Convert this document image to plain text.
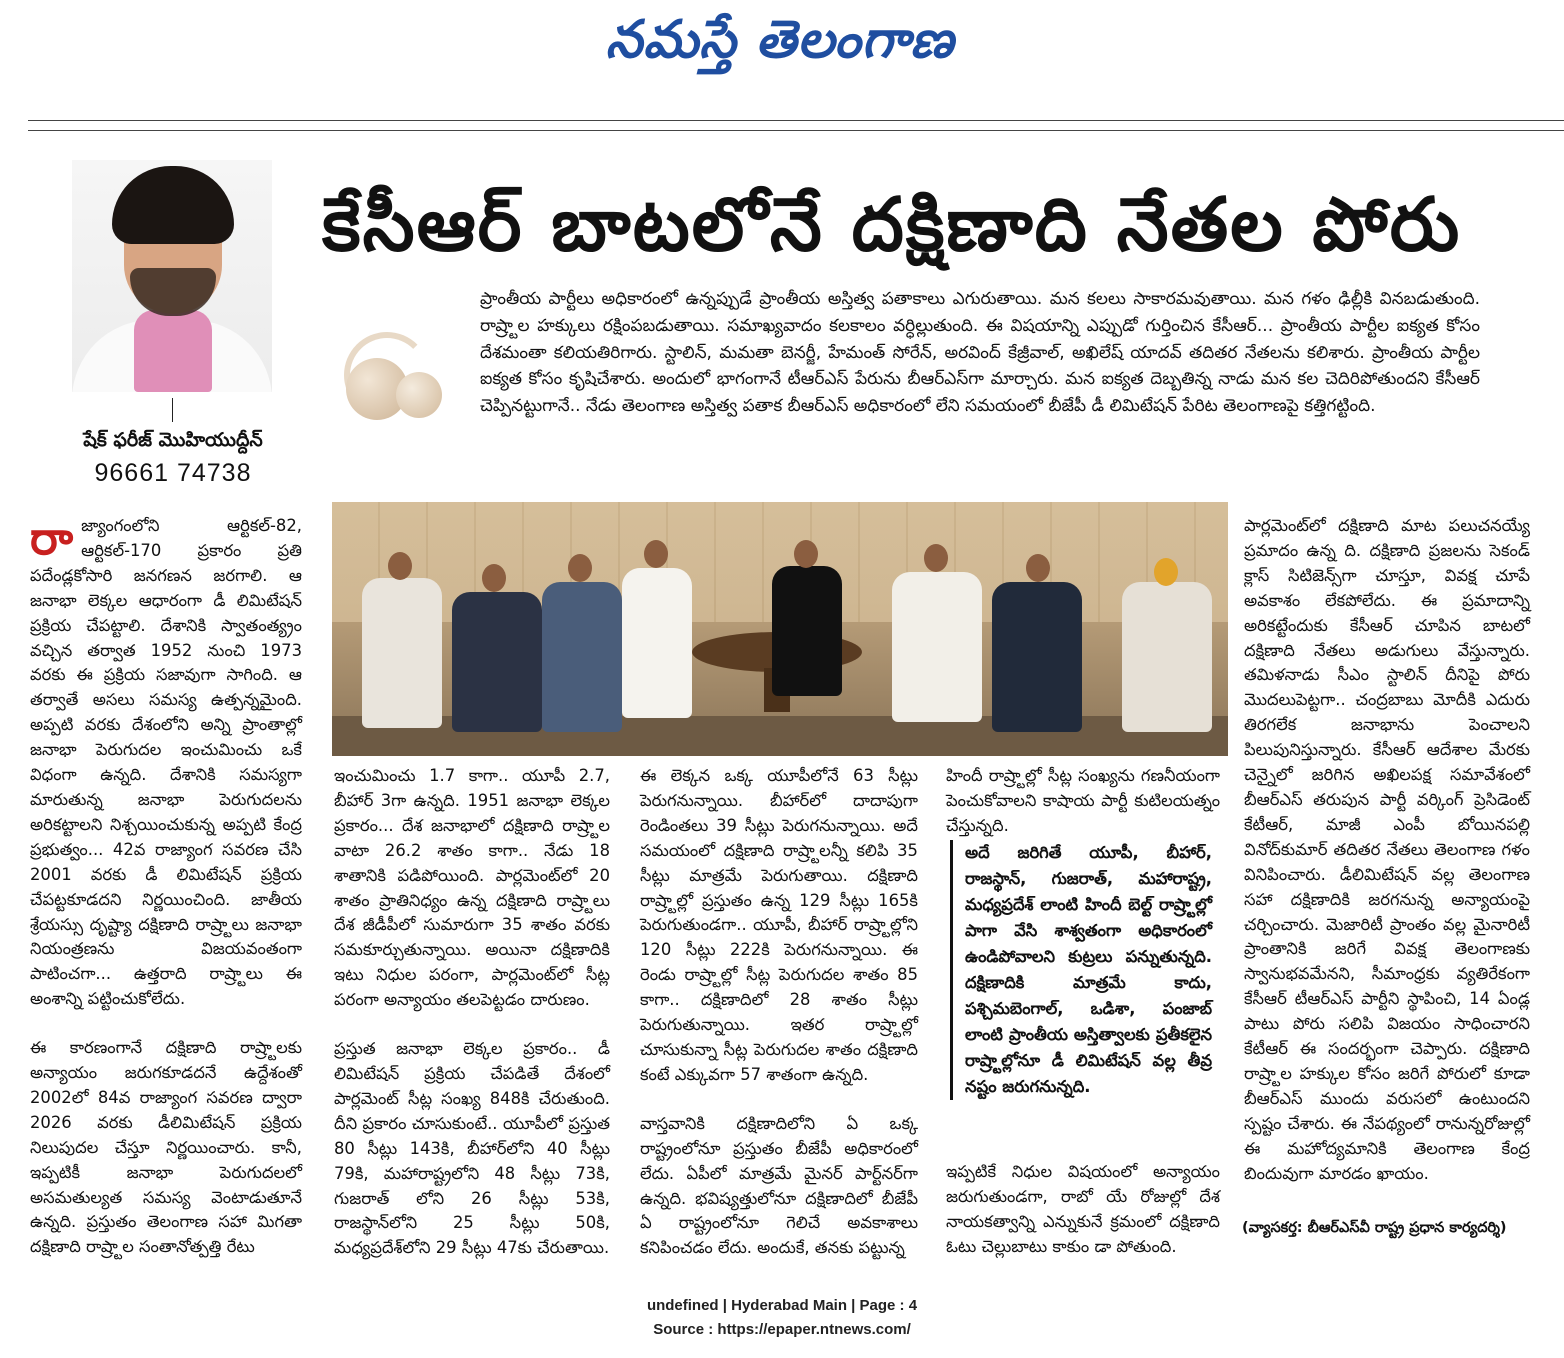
నమస్తే తెలంగాణ
కేసీఆర్ బాటలోనే దక్షిణాది నేతల పోరు
షేక్ ఫరీజ్ మొహియుద్దీన్
96661 74738
ప్రాంతీయ పార్టీలు అధికారంలో ఉన్నప్పుడే ప్రాంతీయ అస్తిత్వ పతాకాలు ఎగురుతాయి. మన కలలు సాకారమవుతాయి. మన గళం ఢిల్లీకి వినబడుతుంది. రాష్ర్టాల హక్కులు రక్షింపబడుతాయి. సమాఖ్యవాదం కలకాలం వర్ధిల్లుతుంది. ఈ విషయాన్ని ఎప్పుడో గుర్తించిన కేసీఆర్... ప్రాంతీయ పార్టీల ఐక్యత కోసం దేశమంతా కలియతిరిగారు. స్టాలిన్, మమతా బెనర్జీ, హేమంత్ సోరేన్, అరవింద్ కేజ్రీవాల్, అఖిలేష్ యాదవ్ తదితర నేతలను కలిశారు. ప్రాంతీయ పార్టీల ఐక్యత కోసం కృషిచేశారు. అందులో భాగంగానే టీఆర్ఎస్ పేరును బీఆర్ఎస్‌గా మార్చారు. మన ఐక్యత దెబ్బతిన్న నాడు మన కల చెదిరిపోతుందని కేసీఆర్ చెప్పినట్టుగానే.. నేడు తెలంగాణ అస్తిత్వ పతాక బీఆర్ఎస్ అధికారంలో లేని సమయంలో బీజేపీ డీ లిమిటేషన్ పేరిట తెలంగాణపై కత్తిగట్టింది.

రాజ్యాంగంలోని ఆర్టికల్-82, ఆర్టికల్-170 ప్రకారం ప్రతి పదేండ్లకోసారి జనగణన జరగాలి. ఆ జనాభా లెక్కల ఆధారంగా డీ లిమిటేషన్ ప్రక్రియ చేపట్టాలి. దేశానికి స్వాతంత్య్రం వచ్చిన తర్వాత 1952 నుంచి 1973 వరకు ఈ ప్రక్రియ సజావుగా సాగింది. ఆ తర్వాతే అసలు సమస్య ఉత్పన్నమైంది. అప్పటి వరకు దేశంలోని అన్ని ప్రాంతాల్లో జనాభా పెరుగుదల ఇంచుమించు ఒకే విధంగా ఉన్నది. దేశానికి సమస్యగా మారుతున్న జనాభా పెరుగుదలను అరికట్టాలని నిశ్చయించుకున్న అప్పటి కేంద్ర ప్రభుత్వం... 42వ రాజ్యాంగ సవరణ చేసి 2001 వరకు డీ లిమిటేషన్ ప్రక్రియ చేపట్టకూడదని నిర్ణయించింది. జాతీయ శ్రేయస్సు దృష్ట్యా దక్షిణాది రాష్ర్టాలు జనాభా నియంత్రణను విజయవంతంగా పాటించగా... ఉత్తరాది రాష్ర్టాలు ఈ అంశాన్ని పట్టించుకోలేదు.

ఈ కారణంగానే దక్షిణాది రాష్ర్టాలకు అన్యాయం జరుగకూడదనే ఉద్దేశంతో 2002లో 84వ రాజ్యాంగ సవరణ ద్వారా 2026 వరకు డీలిమిటేషన్ ప్రక్రియ నిలుపుదల చేస్తూ నిర్ణయించారు. కానీ, ఇప్పటికీ జనాభా పెరుగుదలలో అసమతుల్యత సమస్య వెంటాడుతూనే ఉన్నది. ప్రస్తుతం తెలంగాణ సహా మిగతా దక్షిణాది రాష్ర్టాల సంతానోత్పత్తి రేటు

ఇంచుమించు 1.7 కాగా.. యూపీ 2.7, బీహార్ 3గా ఉన్నది. 1951 జనాభా లెక్కల ప్రకారం... దేశ జనాభాలో దక్షిణాది రాష్ర్టాల వాటా 26.2 శాతం కాగా.. నేడు 18 శాతానికి పడిపోయింది. పార్లమెంట్‌లో 20 శాతం ప్రాతినిధ్యం ఉన్న దక్షిణాది రాష్ర్టాలు దేశ జీడీపీలో సుమారుగా 35 శాతం వరకు సమకూర్చుతున్నాయి. అయినా దక్షిణాదికి ఇటు నిధుల పరంగా, పార్లమెంట్‌లో సీట్ల పరంగా అన్యాయం తలపెట్టడం దారుణం.

ప్రస్తుత జనాభా లెక్కల ప్రకారం.. డీ లిమిటేషన్ ప్రక్రియ చేపడితే దేశంలో పార్లమెంట్ సీట్ల సంఖ్య 848కి చేరుతుంది. దీని ప్రకారం చూసుకుంటే.. యూపీలో ప్రస్తుత 80 సీట్లు 143కి, బీహార్‌లోని 40 సీట్లు 79కి, మహారాష్ట్రలోని 48 సీట్లు 73కి, గుజరాత్ లోని 26 సీట్లు 53కి, రాజస్థాన్‌లోని 25 సీట్లు 50కి, మధ్యప్రదేశ్‌లోని 29 సీట్లు 47కు చేరుతాయి.

ఈ లెక్కన ఒక్క యూపీలోనే 63 సీట్లు పెరుగనున్నాయి. బీహార్‌లో దాదాపుగా రెండింతలు 39 సీట్లు పెరుగనున్నాయి. అదే సమయంలో దక్షిణాది రాష్ర్టాలన్నీ కలిపి 35 సీట్లు మాత్రమే పెరుగుతాయి. దక్షిణాది రాష్ర్టాల్లో ప్రస్తుతం ఉన్న 129 సీట్లు 165కి పెరుగుతుండగా.. యూపీ, బీహార్ రాష్ర్టాల్లోని 120 సీట్లు 222కి పెరుగనున్నాయి. ఈ రెండు రాష్ర్టాల్లో సీట్ల పెరుగుదల శాతం 85 కాగా.. దక్షిణాదిలో 28 శాతం సీట్లు పెరుగుతున్నాయి. ఇతర రాష్ర్టాల్లో చూసుకున్నా సీట్ల పెరుగుదల శాతం దక్షిణాది కంటే ఎక్కువగా 57 శాతంగా ఉన్నది.

వాస్తవానికి దక్షిణాదిలోని ఏ ఒక్క రాష్ట్రంలోనూ ప్రస్తుతం బీజేపీ అధికారంలో లేదు. ఏపీలో మాత్రమే మైనర్ పార్ట్‌నర్‌గా ఉన్నది. భవిష్యత్తులోనూ దక్షిణాదిలో బీజేపీ ఏ రాష్ట్రంలోనూ గెలిచే అవకాశాలు కనిపించడం లేదు. అందుకే, తనకు పట్టున్న

హిందీ రాష్ర్టాల్లో సీట్ల సంఖ్యను గణనీయంగా పెంచుకోవాలని కాషాయ పార్టీ కుటిలయత్నం చేస్తున్నది.

అదే జరిగితే యూపీ, బీహార్, రాజస్థాన్, గుజరాత్, మహారాష్ట్ర, మధ్యప్రదేశ్ లాంటి హిందీ బెల్ట్ రాష్ర్టాల్లో పాగా వేసి శాశ్వతంగా అధికారంలో ఉండిపోవాలని కుట్రలు పన్నుతున్నది. దక్షిణాదికి మాత్రమే కాదు, పశ్చిమబెంగాల్, ఒడిశా, పంజాబ్ లాంటి ప్రాంతీయ అస్తిత్వాలకు ప్రతీకలైన రాష్ర్టాల్లోనూ డీ లిమిటేషన్ వల్ల తీవ్ర నష్టం జరుగనున్నది.

ఇప్పటికే నిధుల విషయంలో అన్యాయం జరుగుతుండగా, రాబో యే రోజుల్లో దేశ నాయకత్వాన్ని ఎన్నుకునే క్రమంలో దక్షిణాది ఓటు చెల్లుబాటు కాకుం డా పోతుంది.

పార్లమెంట్‌లో దక్షిణాది మాట పలుచనయ్యే ప్రమాదం ఉన్న ది. దక్షిణాది ప్రజలను సెకండ్ క్లాస్ సిటిజెన్స్‌గా చూస్తూ, వివక్ష చూపే అవకాశం లేకపోలేదు. ఈ ప్రమాదాన్ని అరికట్టేందుకు కేసీఆర్ చూపిన బాటలో దక్షిణాది నేతలు అడుగులు వేస్తున్నారు. తమిళనాడు సీఎం స్టాలిన్ దీనిపై పోరు మొదలుపెట్టగా.. చంద్రబాబు మోదీకి ఎదురు తిరగలేక జనాభాను పెంచాలని పిలుపునిస్తున్నారు. కేసీఆర్ ఆదేశాల మేరకు చెన్నైలో జరిగిన అఖిలపక్ష సమావేశంలో బీఆర్ఎస్ తరుపున పార్టీ వర్కింగ్ ప్రెసిడెంట్ కేటీఆర్, మాజీ ఎంపీ బోయినపల్లి వినోద్‌కుమార్ తదితర నేతలు తెలంగాణ గళం వినిపించారు. డీలిమిటేషన్ వల్ల తెలంగాణ సహా దక్షిణాదికి జరగనున్న అన్యాయంపై చర్చించారు. మెజారిటీ ప్రాంతం వల్ల మైనారిటీ ప్రాంతానికి జరిగే వివక్ష తెలంగాణకు స్వానుభవమేనని, సీమాంధ్రకు వ్యతిరేకంగా కేసీఆర్ టీఆర్ఎస్ పార్టీని స్థాపించి, 14 ఏండ్ల పాటు పోరు సలిపి విజయం సాధించారని కేటీఆర్ ఈ సందర్భంగా చెప్పారు. దక్షిణాది రాష్ర్టాల హక్కుల కోసం జరిగే పోరులో కూడా బీఆర్ఎస్ ముందు వరుసలో ఉంటుందని స్పష్టం చేశారు. ఈ నేపథ్యంలో రానున్నరోజుల్లో ఈ మహోద్యమానికి తెలంగాణ కేంద్ర బిందువుగా మారడం ఖాయం.

(వ్యాసకర్త: బీఆర్ఎస్‌వీ రాష్ట్ర ప్రధాన కార్యదర్శి)
undefined | Hyderabad Main | Page : 4
Source : https://epaper.ntnews.com/
